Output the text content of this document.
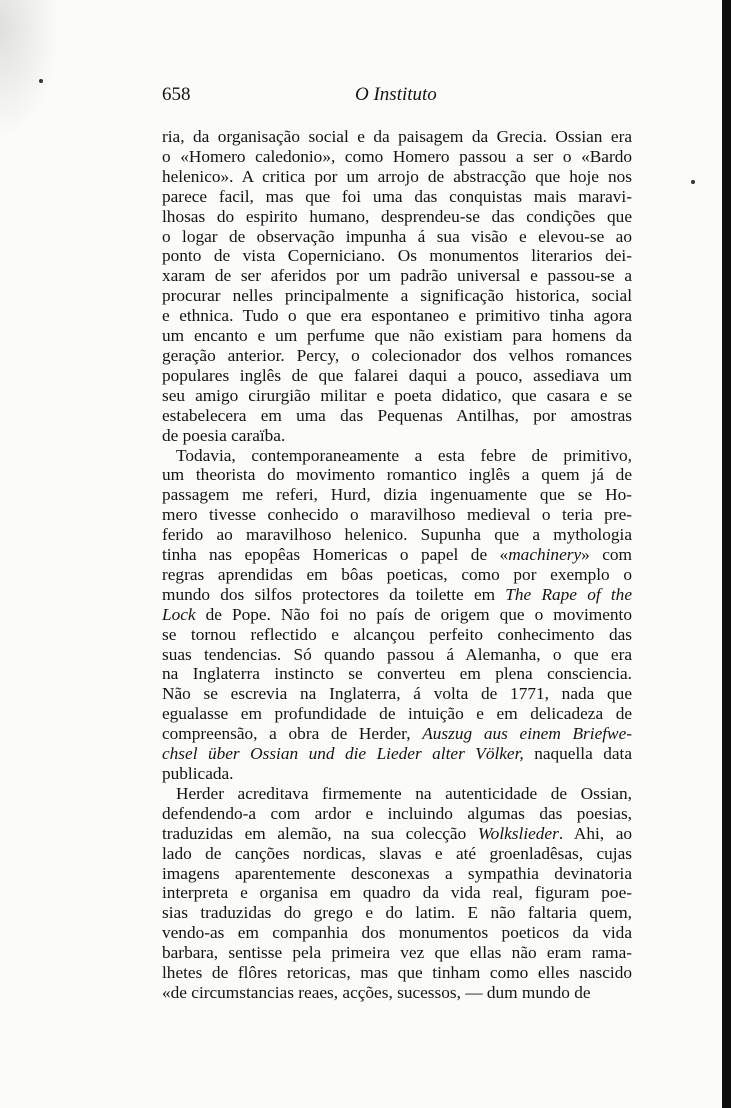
658	O Instituto
ria, da organisação social e da paisagem da Grecia. Ossian era
o «Homero caledonio», como Homero passou a ser o «Bardo
helenico». A critica por um arrojo de abstracção que hoje nos
parece facil, mas que foi uma das conquistas mais maravi-
lhosas do espirito humano, desprendeu-se das condições que
o logar de observação impunha á sua visão e elevou-se ao
ponto de vista Coperniciano. Os monumentos literarios dei-
xaram de ser aferidos por um padrão universal e passou-se a
procurar nelles principalmente a significação historica, social
e ethnica. Tudo o que era espontaneo e primitivo tinha agora
um encanto e um perfume que não existiam para homens da
geração anterior. Percy, o colecionador dos velhos romances
populares inglês de que falarei daqui a pouco, assediava um
seu amigo cirurgião militar e poeta didatico, que casara e se
estabelecera em uma das Pequenas Antilhas, por amostras
de poesia caraïba.
Todavia, contemporaneamente a esta febre de primitivo,
um theorista do movimento romantico inglês a quem já de
passagem me referi, Hurd, dizia ingenuamente que se Ho-
mero tivesse conhecido o maravilhoso medieval o teria pre-
ferido ao maravilhoso helenico. Supunha que a mythologia
tinha nas epopêas Homericas o papel de «machinery» com
regras aprendidas em bôas poeticas, como por exemplo o
mundo dos silfos protectores da toilette em The Rape of the
Lock de Pope. Não foi no país de origem que o movimento
se tornou reflectido e alcançou perfeito conhecimento das
suas tendencias. Só quando passou á Alemanha, o que era
na Inglaterra instincto se converteu em plena consciencia.
Não se escrevia na Inglaterra, á volta de 1771, nada que
egualasse em profundidade de intuição e em delicadeza de
compreensão, a obra de Herder, Auszug aus einem Briefwe-
chsel über Ossian und die Lieder alter Völker, naquella data
publicada.
Herder acreditava firmemente na autenticidade de Ossian,
defendendo-a com ardor e incluindo algumas das poesias,
traduzidas em alemão, na sua colecção Wolkslieder. Ahi, ao
lado de canções nordicas, slavas e até groenladêsas, cujas
imagens aparentemente desconexas a sympathia devinatoria
interpreta e organisa em quadro da vida real, figuram poe-
sias traduzidas do grego e do latim. E não faltaria quem,
vendo-as em companhia dos monumentos poeticos da vida
barbara, sentisse pela primeira vez que ellas não eram rama-
lhetes de flôres retoricas, mas que tinham como elles nascido
«de circumstancias reaes, acções, sucessos, — dum mundo de
